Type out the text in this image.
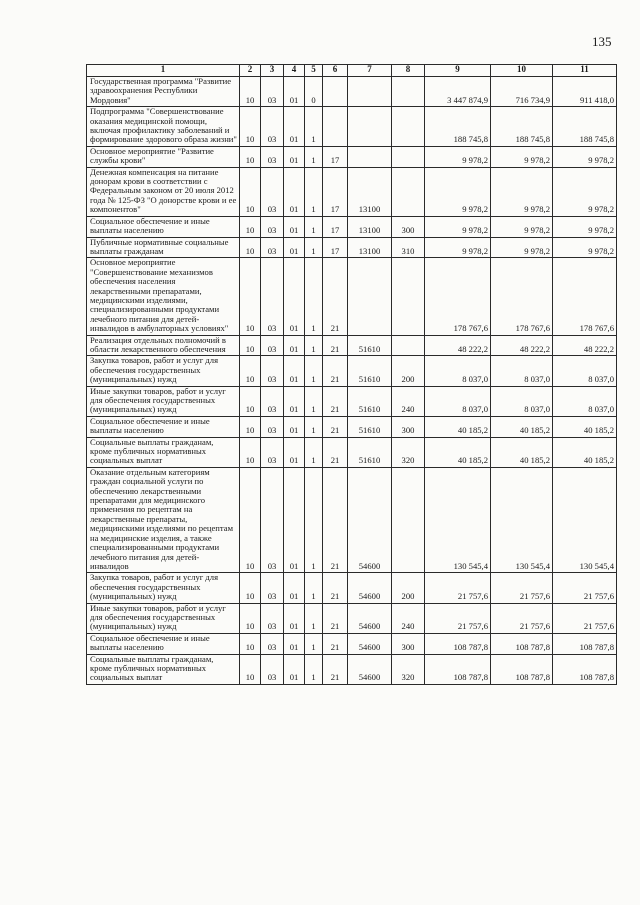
135
1	2	3	4	5	6	7	8	9	10	11
Государственная программа "Развитие здравоохранения Республики Мордовия"	10	03	01	0				3 447 874,9	716 734,9	911 418,0
Подпрограмма "Совершенствование оказания медицинской помощи, включая профилактику заболеваний и формирование здорового образа жизни"	10	03	01	1				188 745,8	188 745,8	188 745,8
Основное мероприятие "Развитие службы крови"	10	03	01	1	17			9 978,2	9 978,2	9 978,2
Денежная компенсация на питание донорам крови в соответствии с Федеральным законом от 20 июля 2012 года № 125-ФЗ "О донорстве крови и ее компонентов"	10	03	01	1	17	13100		9 978,2	9 978,2	9 978,2
Социальное обеспечение и иные выплаты населению	10	03	01	1	17	13100	300	9 978,2	9 978,2	9 978,2
Публичные нормативные социальные выплаты гражданам	10	03	01	1	17	13100	310	9 978,2	9 978,2	9 978,2
Основное мероприятие "Совершенствование механизмов обеспечения населения лекарственными препаратами, медицинскими изделиями, специализированными продуктами лечебного питания для детей-инвалидов в амбулаторных условиях"	10	03	01	1	21			178 767,6	178 767,6	178 767,6
Реализация отдельных полномочий в области лекарственного обеспечения	10	03	01	1	21	51610		48 222,2	48 222,2	48 222,2
Закупка товаров, работ и услуг для обеспечения государственных (муниципальных) нужд	10	03	01	1	21	51610	200	8 037,0	8 037,0	8 037,0
Иные закупки товаров, работ и услуг для обеспечения государственных (муниципальных) нужд	10	03	01	1	21	51610	240	8 037,0	8 037,0	8 037,0
Социальное обеспечение и иные выплаты населению	10	03	01	1	21	51610	300	40 185,2	40 185,2	40 185,2
Социальные выплаты гражданам, кроме публичных нормативных социальных выплат	10	03	01	1	21	51610	320	40 185,2	40 185,2	40 185,2
Оказание отдельным категориям граждан социальной услуги по обеспечению лекарственными препаратами для медицинского применения по рецептам на лекарственные препараты, медицинскими изделиями по рецептам на медицинские изделия, а также специализированными продуктами лечебного питания для детей-инвалидов	10	03	01	1	21	54600		130 545,4	130 545,4	130 545,4
Закупка товаров, работ и услуг для обеспечения государственных (муниципальных) нужд	10	03	01	1	21	54600	200	21 757,6	21 757,6	21 757,6
Иные закупки товаров, работ и услуг для обеспечения государственных (муниципальных) нужд	10	03	01	1	21	54600	240	21 757,6	21 757,6	21 757,6
Социальное обеспечение и иные выплаты населению	10	03	01	1	21	54600	300	108 787,8	108 787,8	108 787,8
Социальные выплаты гражданам, кроме публичных нормативных социальных выплат	10	03	01	1	21	54600	320	108 787,8	108 787,8	108 787,8
